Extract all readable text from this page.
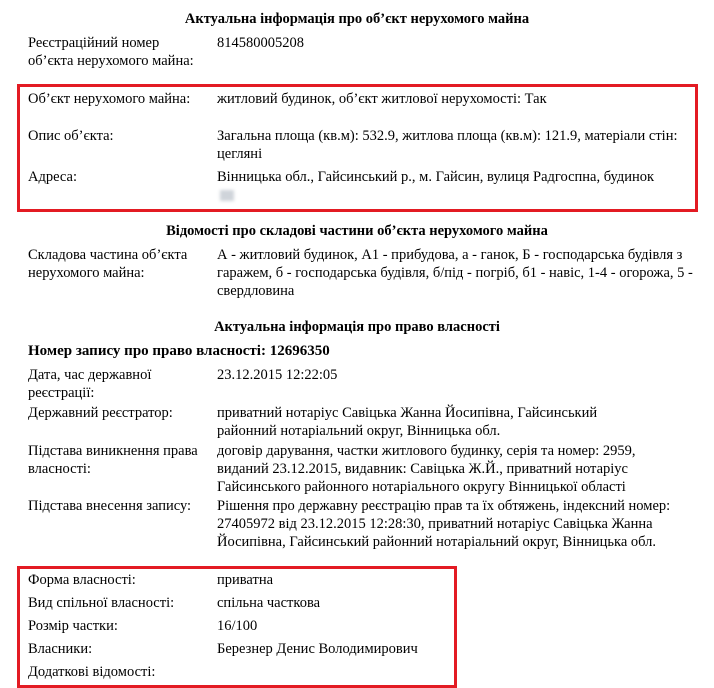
Актуальна інформація про об’єкт нерухомого майна
Реєстраційний номер об’єкта нерухомого майна:
814580005208
Об’єкт нерухомого майна:	житловий будинок, об’єкт житлової нерухомості: Так
Опис об’єкта:	Загальна площа (кв.м): 532.9, житлова площа (кв.м): 121.9, матеріали стін: цегляні
Адреса:	Вінницька обл., Гайсинський р., м. Гайсин, вулиця Радгоспна, будинок
Відомості про складові частини об’єкта нерухомого майна
Складова частина об’єкта нерухомого майна:
А - житловий будинок, А1 - прибудова, а - ганок, Б - господарська будівля з гаражем, б - господарська будівля, б/під - погріб, б1 - навіс, 1-4 - огорожа, 5 - свердловина
Актуальна інформація про право власності
Номер запису про право власності: 12696350
Дата, час державної реєстрації:
23.12.2015 12:22:05
Державний реєстратор:	приватний нотаріус Савіцька Жанна Йосипівна, Гайсинський районний нотаріальний округ, Вінницька обл.
Підстава виникнення права власності:
договір дарування, частки житлового будинку, серія та номер: 2959, виданий 23.12.2015, видавник: Савіцька Ж.Й., приватний нотаріус Гайсинського районного нотаріального округу Вінницької області
Підстава внесення запису:	Рішення про державну реєстрацію прав та їх обтяжень, індексний номер: 27405972 від 23.12.2015 12:28:30, приватний нотаріус Савіцька Жанна Йосипівна, Гайсинський районний нотаріальний округ, Вінницька обл.
Форма власності:	приватна
Вид спільної власності:	спільна часткова
Розмір частки:	16/100
Власники:	Березнер Денис Володимирович
Додаткові відомості:
